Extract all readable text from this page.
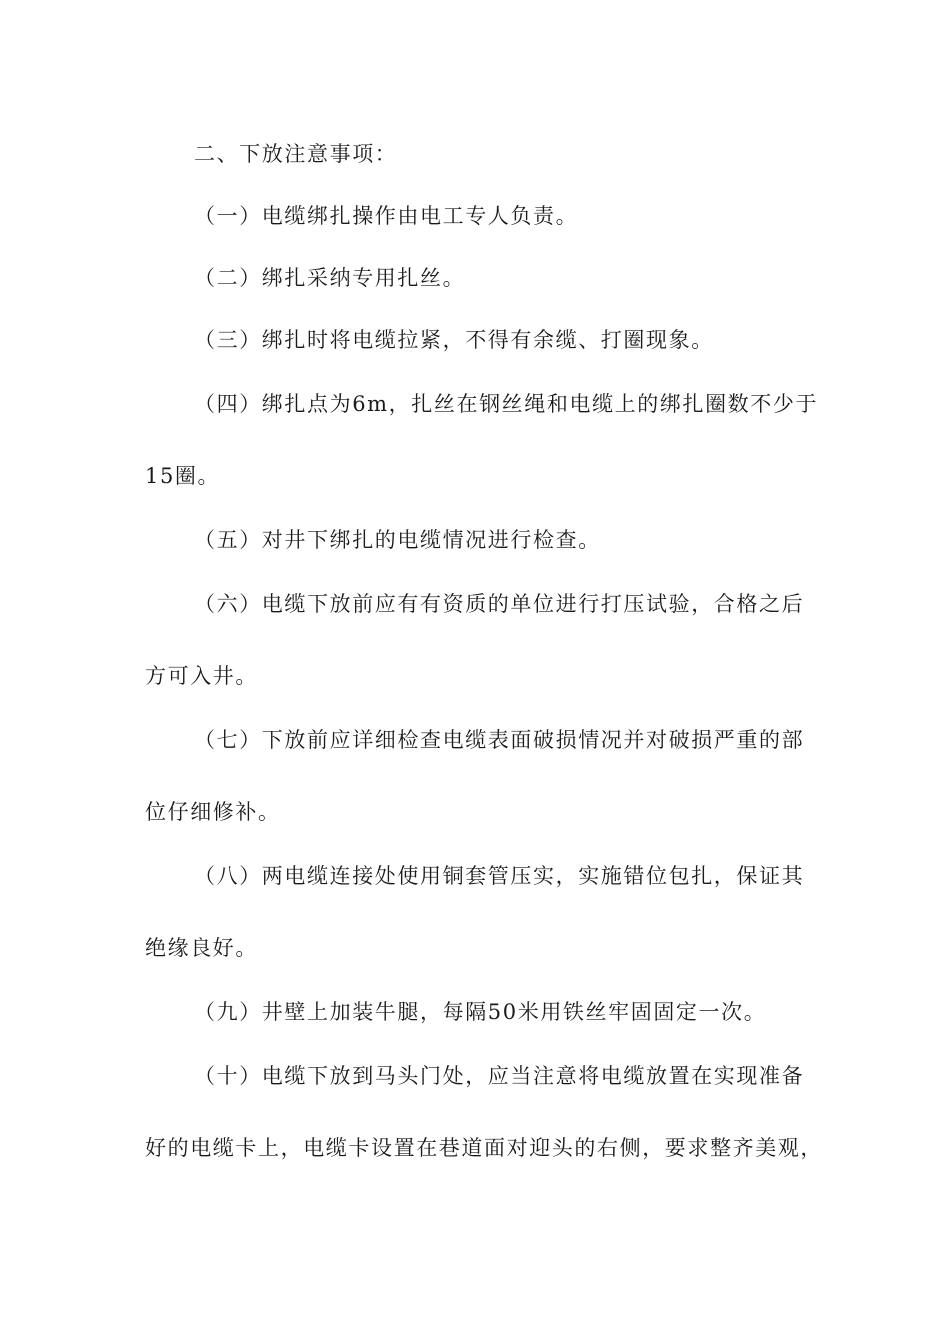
二、下放注意事项：
（一）电缆绑扎操作由电工专人负责。
（二）绑扎采纳专用扎丝。
（三）绑扎时将电缆拉紧，不得有余缆、打圈现象。
（四）绑扎点为6m，扎丝在钢丝绳和电缆上的绑扎圈数不少于
15圈。
（五）对井下绑扎的电缆情况进行检查。
（六）电缆下放前应有有资质的单位进行打压试验，合格之后
方可入井。
（七）下放前应详细检查电缆表面破损情况并对破损严重的部
位仔细修补。
（八）两电缆连接处使用铜套管压实，实施错位包扎，保证其
绝缘良好。
（九）井壁上加装牛腿，每隔50米用铁丝牢固固定一次。
（十）电缆下放到马头门处，应当注意将电缆放置在实现准备
好的电缆卡上，电缆卡设置在巷道面对迎头的右侧，要求整齐美观，
